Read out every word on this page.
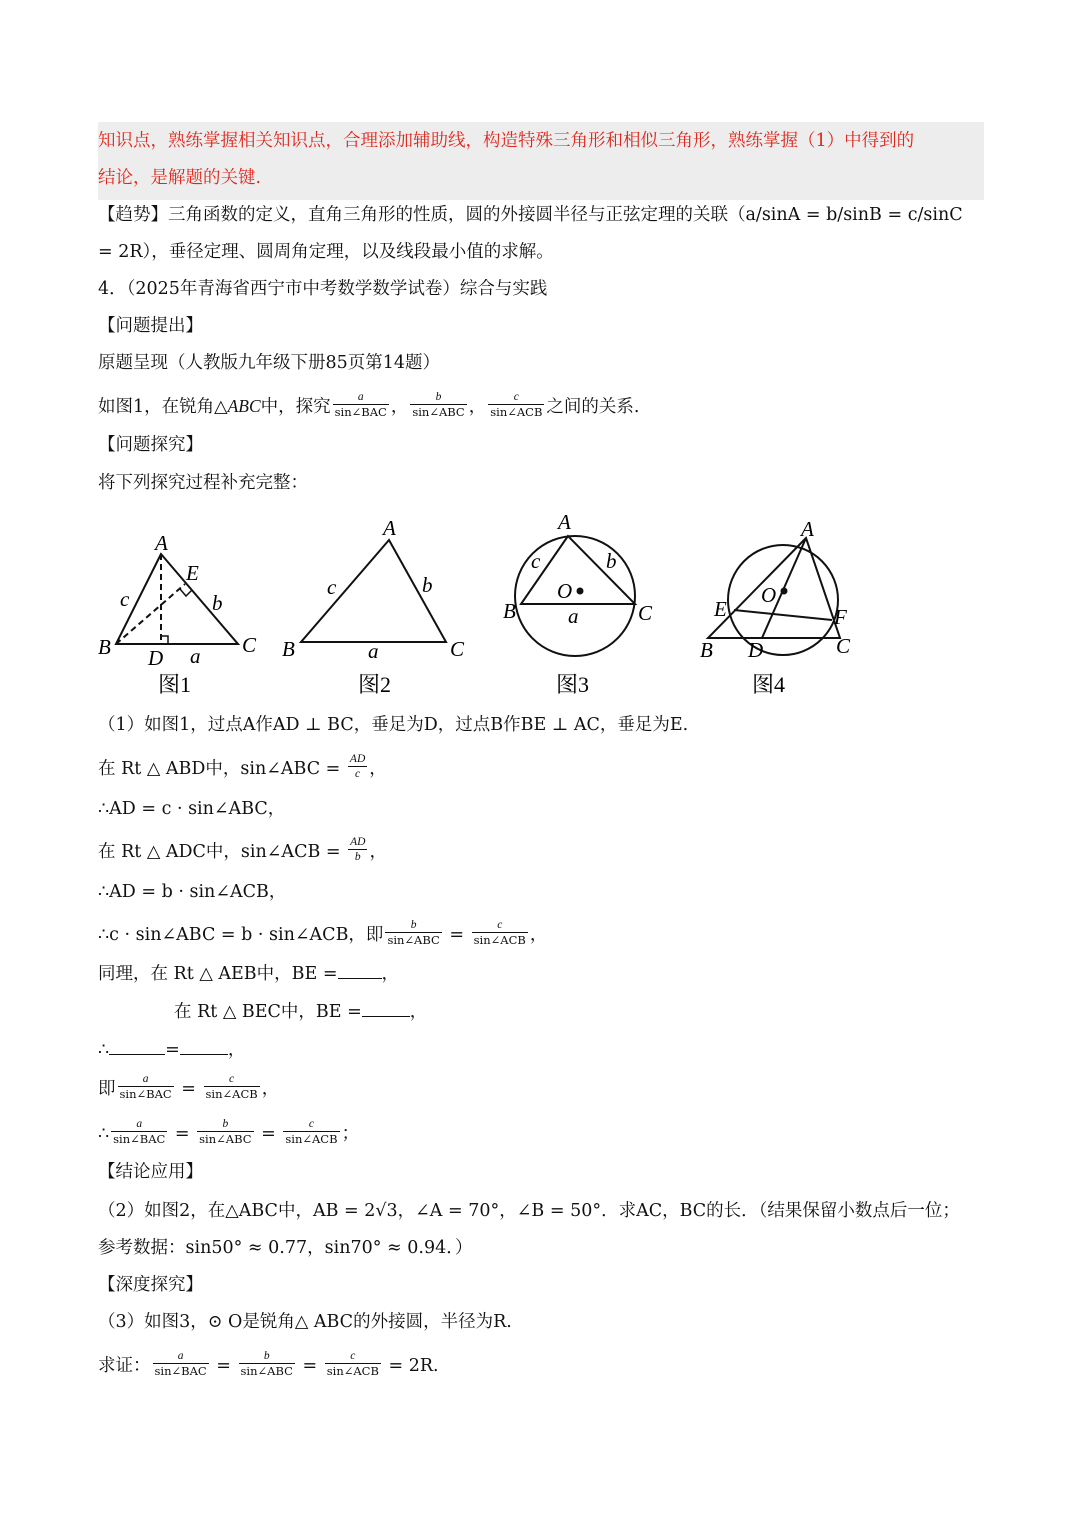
知识点，熟练掌握相关知识点，合理添加辅助线，构造特殊三角形和相似三角形，熟练掌握（1）中得到的
结论，是解题的关键.
【趋势】三角函数的定义，直角三角形的性质，圆的外接圆半径与正弦定理的关联（a/sinA = b/sinB = c/sinC
= 2R），垂径定理、圆周角定理，以及线段最小值的求解。
4．（2025年青海省西宁市中考数学数学试卷）综合与实践
【问题提出】
原题呈现（人教版九年级下册85页第14题）
如图1，在锐角△ABC中，探究 $\frac{a}{\text{sin∠BAC}}$ ， $\frac{b}{\text{sin∠ABC}}$ ， $\frac{c}{\text{sin∠ACB}}$ 之间的关系.
【问题探究】
将下列探究过程补充完整：
A
B	C
D
E
a
b
c
图1
A
B	C
a
b
c
图2
A
B	C
O
a
b
c
图3
A
B	C
D
E	F
O
图4
（1）如图1，过点A作AD ⊥ BC，垂足为D，过点B作BE ⊥ AC，垂足为E.
在 Rt △ ABD中，sin∠ABC = $\frac{AD}{c}$ ，
∴AD = c · sin∠ABC，
在 Rt △ ADC中，sin∠ACB = $\frac{AD}{b}$ ，
∴AD = b · sin∠ACB，
∴c · sin∠ABC = b · sin∠ACB，即 $\frac{b}{\text{sin∠ABC}} = \frac{c}{\text{sin∠ACB}}$ ，
同理，在 Rt △ AEB中，BE =	，
在 Rt △ BEC中，BE =	，
∴	=	，
即 $\frac{a}{\text{sin∠BAC}} = \frac{c}{\text{sin∠ACB}}$ ，
∴ $\frac{a}{\text{sin∠BAC}} = \frac{b}{\text{sin∠ABC}} = \frac{c}{\text{sin∠ACB}}$ ；
【结论应用】
（2）如图2，在△ABC中，AB = 2√3，∠A = 70°，∠B = 50°．求AC，BC的长．（结果保留小数点后一位；
参考数据：sin50° ≈ 0.77，sin70° ≈ 0.94．）
【深度探究】
（3）如图3，⊙ O是锐角△ ABC的外接圆，半径为R.
求证： $\frac{a}{\text{sin∠BAC}} = \frac{b}{\text{sin∠ABC}} = \frac{c}{\text{sin∠ACB}} = 2R$.
